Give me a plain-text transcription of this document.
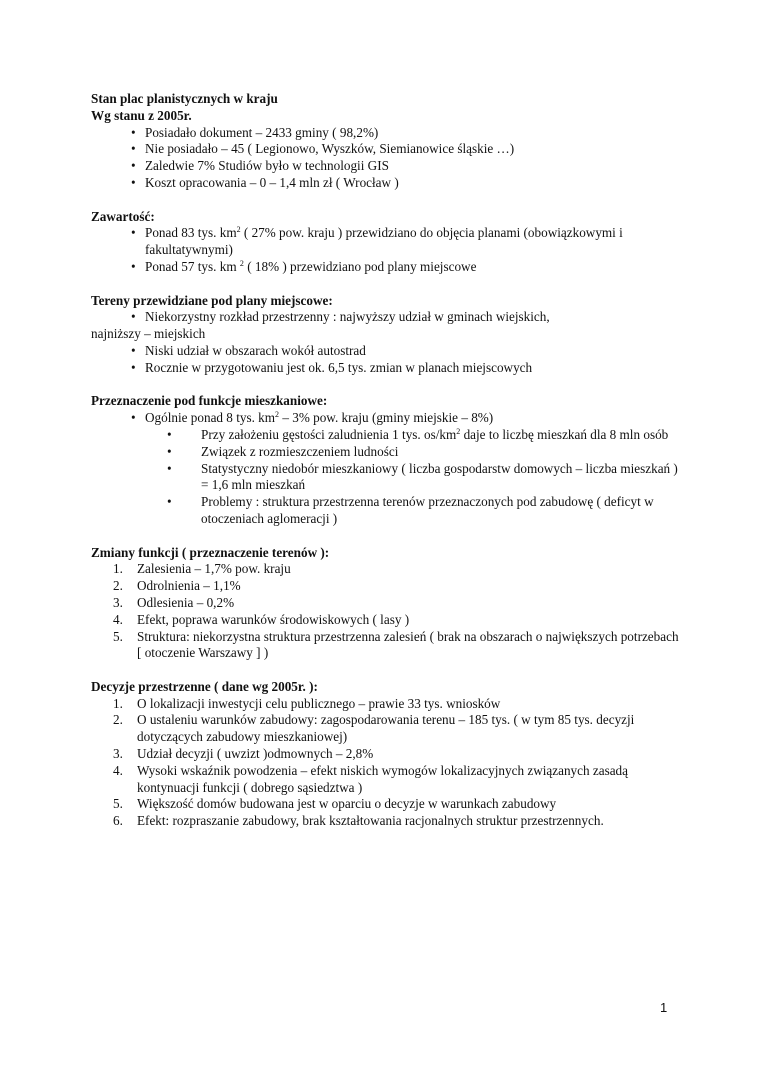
Stan plac planistycznych w kraju

Wg stanu z 2005r.

• Posiadało dokument – 2433 gminy ( 98,2%)
• Nie posiadało – 45 ( Legionowo, Wyszków, Siemianowice śląskie …)
• Zaledwie 7% Studiów było w technologii GIS
• Koszt opracowania – 0 – 1,4 mln zł ( Wrocław )

Zawartość:

• Ponad 83 tys. $km^2$ ( 27% pow. kraju ) przewidziano do objęcia planami (obowiązkowymi i fakultatywnymi)
• Ponad 57 tys. km $^2$ ( 18% ) przewidziano pod plany miejscowe

Tereny przewidziane pod plany miejscowe:

• Niekorzystny rozkład przestrzenny : najwyższy udział w gminach wiejskich,

najniższy – miejskich

• Niski udział w obszarach wokół autostrad
• Rocznie w przygotowaniu jest ok. 6,5 tys. zmian w planach miejscowych

Przeznaczenie pod funkcje mieszkaniowe:

• Ogólnie ponad 8 tys. $km^2 - 3\%$ pow. kraju (gminy miejskie – 8%)
• Przy założeniu gęstości zaludnienia 1 tys. $os/km^2$ daje to liczbę mieszkań dla 8 mln osób
• Związek z rozmieszczeniem ludności
• Statystyczny niedobór mieszkaniowy ( liczba gospodarstw domowych – liczba mieszkań ) = 1,6 mln mieszkań
• Problemy : struktura przestrzenna terenów przeznaczonych pod zabudowę ( deficyt w otoczeniach aglomeracji )

Zmiany funkcji ( przeznaczenie terenów ):

1. Zalesienia – 1,7% pow. kraju
2. Odrolnienia – 1,1%
3. Odlesienia – 0,2%
4. Efekt, poprawa warunków środowiskowych ( lasy )
5. Struktura: niekorzystna struktura przestrzenna zalesień ( brak na obszarach o największych potrzebach [ otoczenie Warszawy ] )

Decyzje przestrzenne ( dane wg 2005r. ):

1. O lokalizacji inwestycji celu publicznego – prawie 33 tys. wniosków
2. O ustaleniu warunków zabudowy: zagospodarowania terenu – 185 tys. ( w tym 85 tys. decyzji dotyczących zabudowy mieszkaniowej)
3. Udział decyzji ( uwzizt )odmownych – 2,8%
4. Wysoki wskaźnik powodzenia – efekt niskich wymogów lokalizacyjnych związanych zasadą kontynuacji funkcji ( dobrego sąsiedztwa )
5. Większość domów budowana jest w oparciu o decyzje w warunkach zabudowy
6. Efekt: rozpraszanie zabudowy, brak kształtowania racjonalnych struktur przestrzennych.
1
